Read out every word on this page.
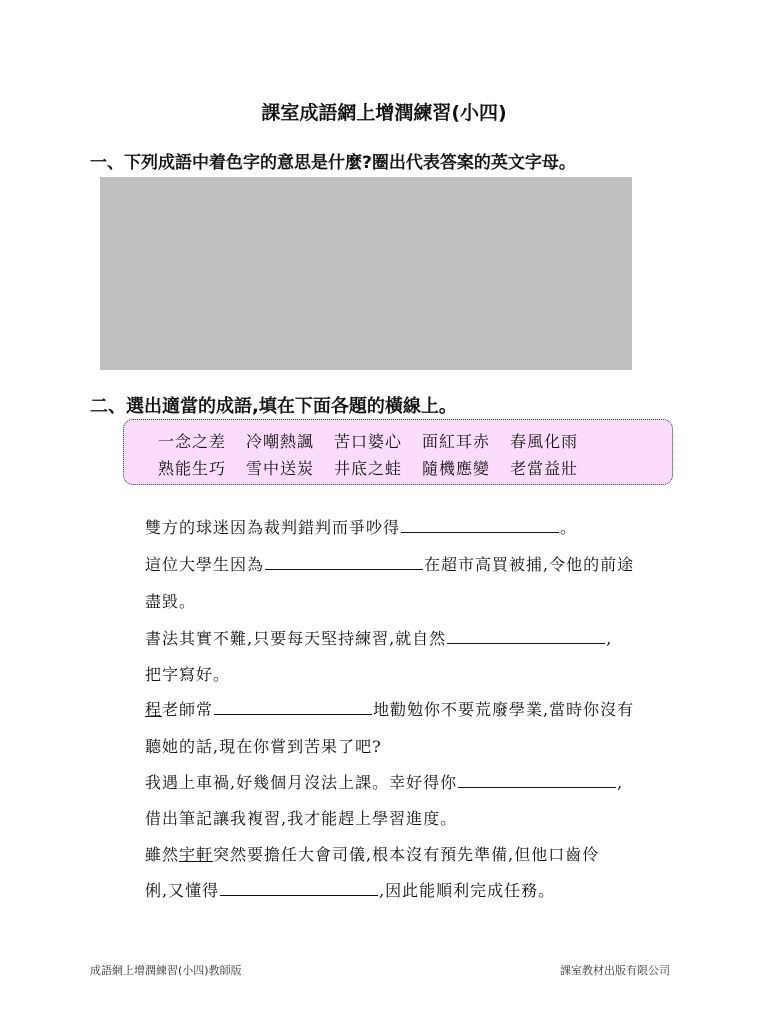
課室成語網上增潤練習(小四)
一、下列成語中着色字的意思是什麼?圈出代表答案的英文字母。
二、選出適當的成語,填在下面各題的橫線上。
一念之差 冷嘲熱諷 苦口婆心 面紅耳赤 春風化雨
熟能生巧 雪中送炭 井底之蛙 隨機應變 老當益壯
雙方的球迷因為裁判錯判而爭吵得	。
這位大學生因為	在超市高買被捕,令他的前途
盡毀。
書法其實不難,只要每天堅持練習,就自然	,
把字寫好。
程老師常	地勸勉你不要荒廢學業,當時你沒有
聽她的話,現在你嘗到苦果了吧?
我遇上車禍,好幾個月沒法上課。幸好得你	,
借出筆記讓我複習,我才能趕上學習進度。
雖然宇軒突然要擔任大會司儀,根本沒有預先準備,但他口齒伶
俐,又懂得	,因此能順利完成任務。
成語網上增潤練習(小四)教師版	課室教材出版有限公司
